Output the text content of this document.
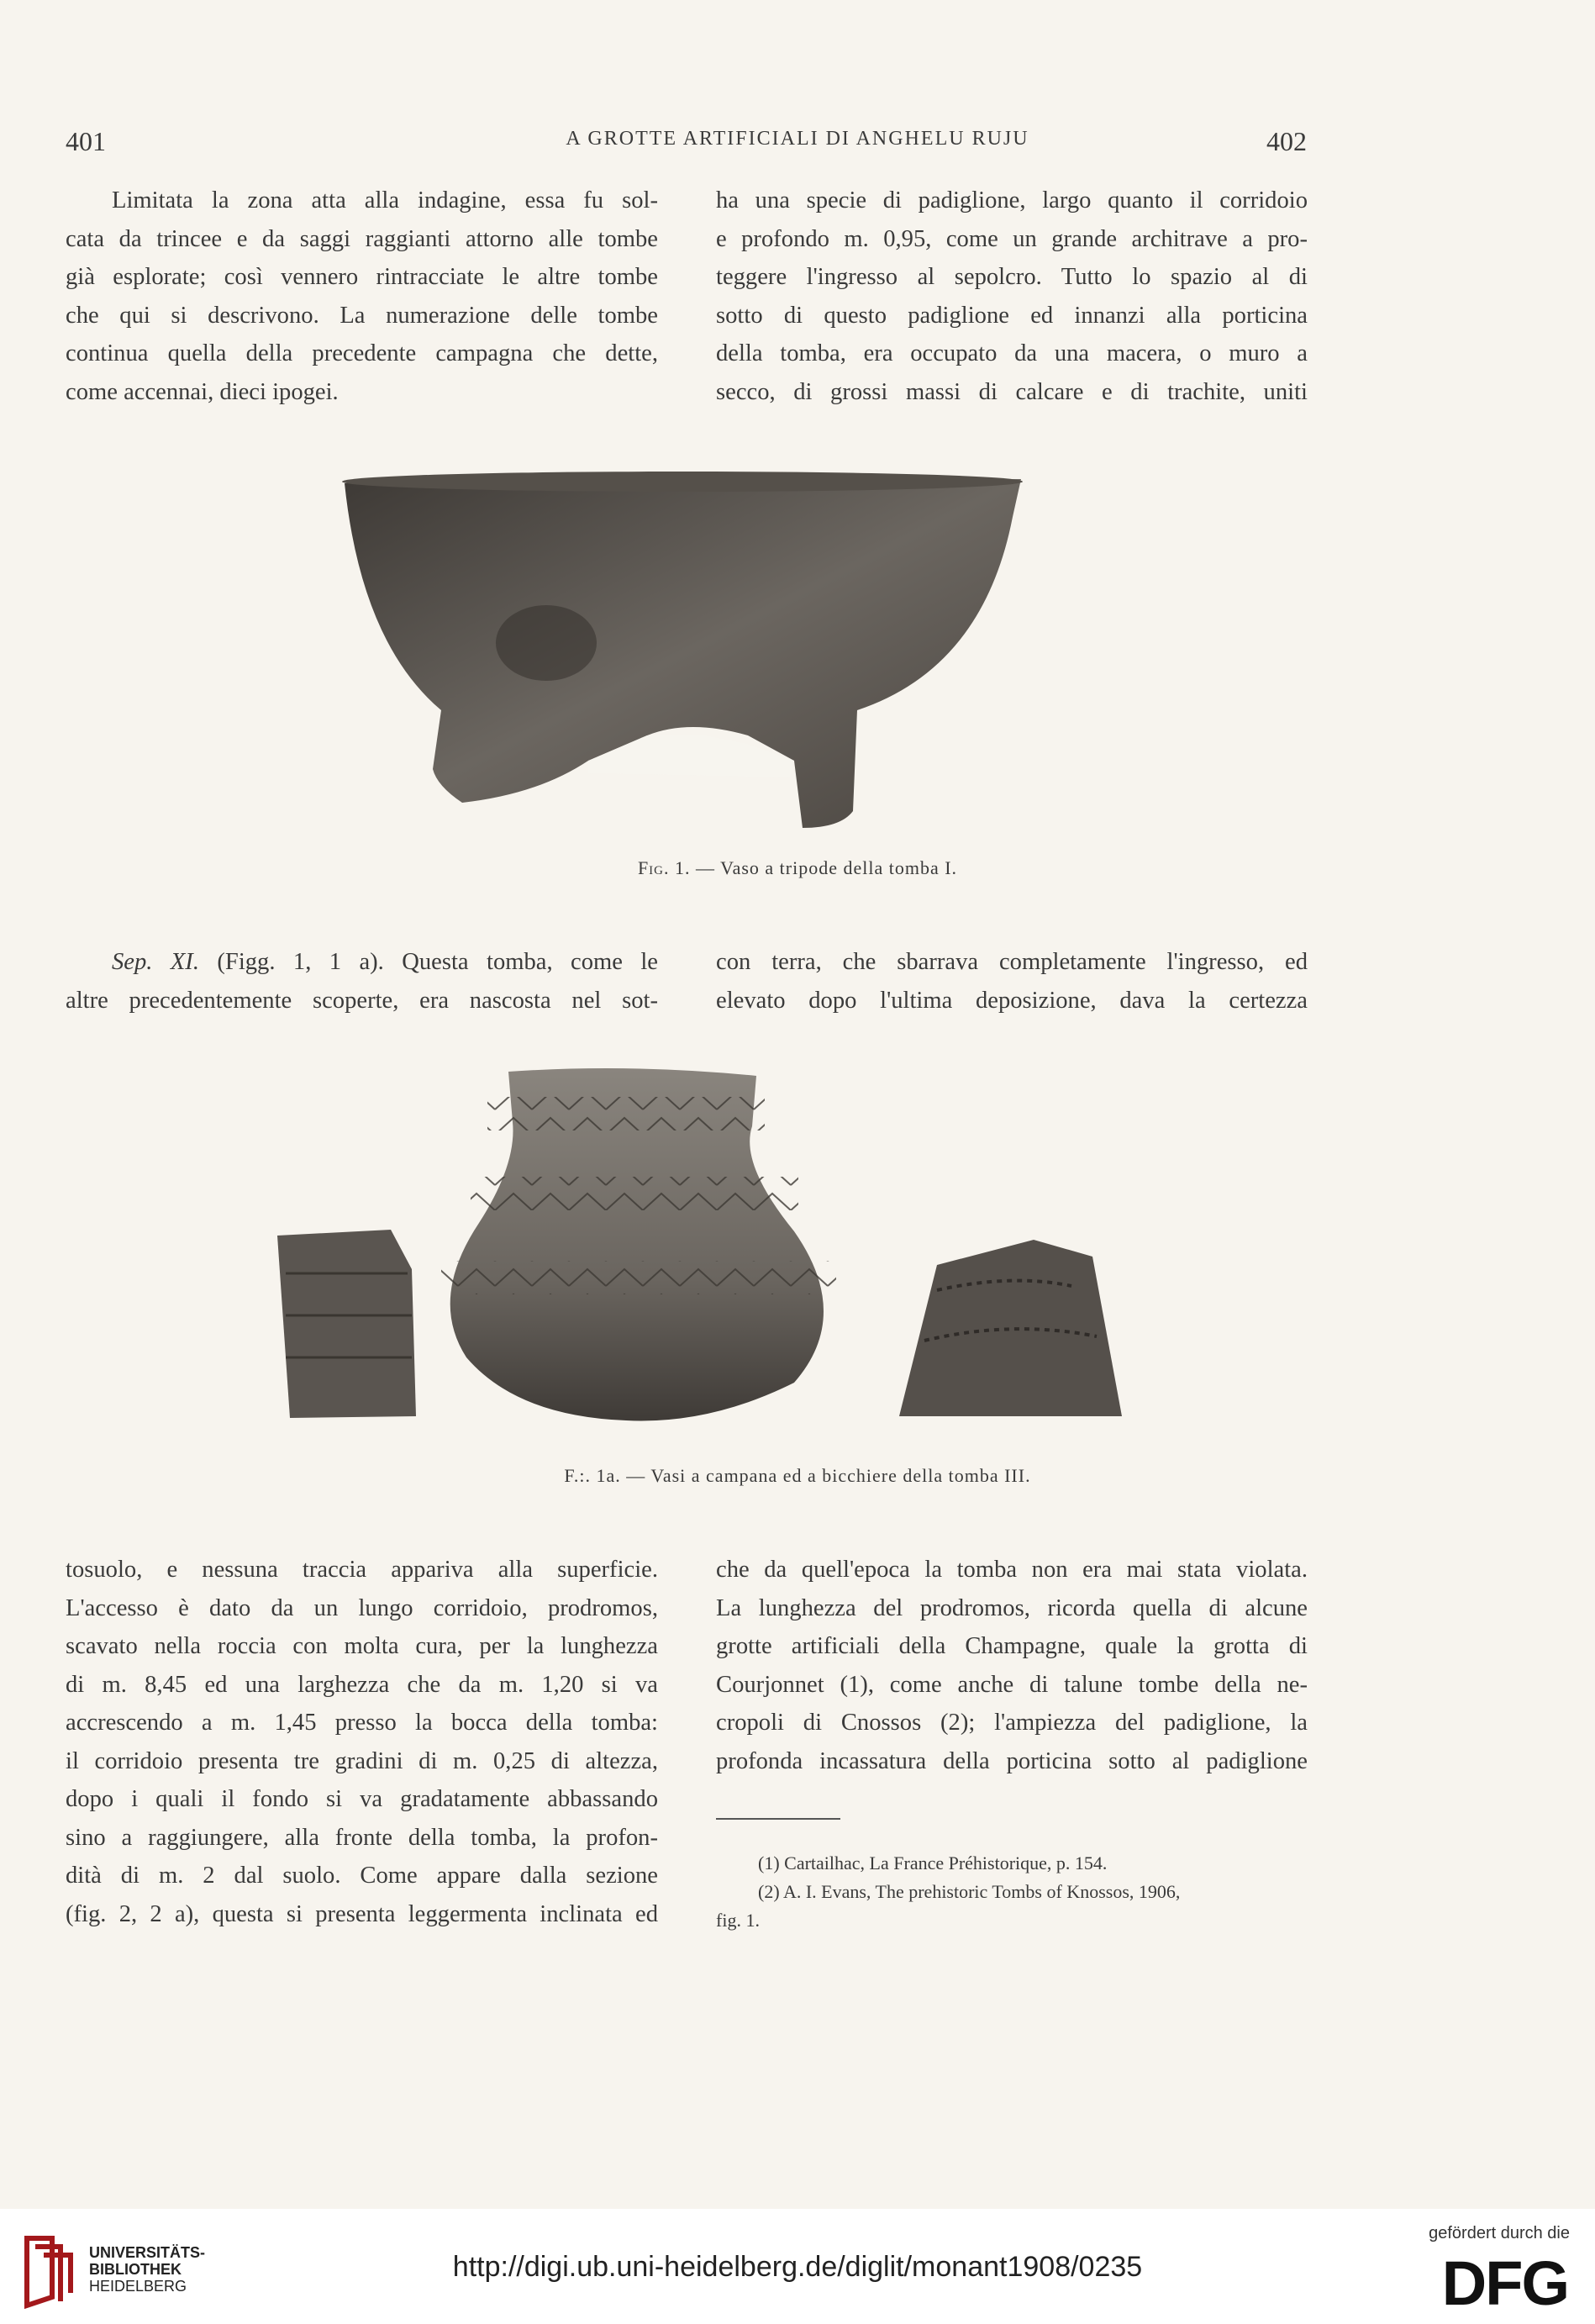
401	A GROTTE ARTIFICIALI DI ANGHELU RUJU	402

Limitata la zona atta alla indagine, essa fu sol-

cata da trincee e da saggi raggianti attorno alle tombe

già esplorate; così vennero rintracciate le altre tombe

che qui si descrivono. La numerazione delle tombe

continua quella della precedente campagna che dette,

come accennai, dieci ipogei.

ha una specie di padiglione, largo quanto il corridoio

e profondo m. 0,95, come un grande architrave a pro-

teggere l'ingresso al sepolcro. Tutto lo spazio al di

sotto di questo padiglione ed innanzi alla porticina

della tomba, era occupato da una macera, o muro a

secco, di grossi massi di calcare e di trachite, uniti

Fig. 1. — Vaso a tripode della tomba I.

Sep. XI. (Figg. 1, 1 a). Questa tomba, come le

altre precedentemente scoperte, era nascosta nel sot-

con terra, che sbarrava completamente l'ingresso, ed

elevato dopo l'ultima deposizione, dava la certezza

F.:. 1a. — Vasi a campana ed a bicchiere della tomba III.

tosuolo, e nessuna traccia appariva alla superficie.

L'accesso è dato da un lungo corridoio, prodromos,

scavato nella roccia con molta cura, per la lunghezza

di m. 8,45 ed una larghezza che da m. 1,20 si va

accrescendo a m. 1,45 presso la bocca della tomba:

il corridoio presenta tre gradini di m. 0,25 di altezza,

dopo i quali il fondo si va gradatamente abbassando

sino a raggiungere, alla fronte della tomba, la profon-

dità di m. 2 dal suolo. Come appare dalla sezione

(fig. 2, 2 a), questa si presenta leggermenta inclinata ed

che da quell'epoca la tomba non era mai stata violata.

La lunghezza del prodromos, ricorda quella di alcune

grotte artificiali della Champagne, quale la grotta di

Courjonnet (1), come anche di talune tombe della ne-

cropoli di Cnossos (2); l'ampiezza del padiglione, la

profonda incassatura della porticina sotto al padiglione

(1) Cartailhac, La France Préhistorique, p. 154.

(2) A. I. Evans, The prehistoric Tombs of Knossos, 1906,

fig. 1.

UNIVERSITÄTS-
BIBLIOTHEK
HEIDELBERG
http://digi.ub.uni-heidelberg.de/diglit/monant1908/0235
gefördert durch die
DFG
